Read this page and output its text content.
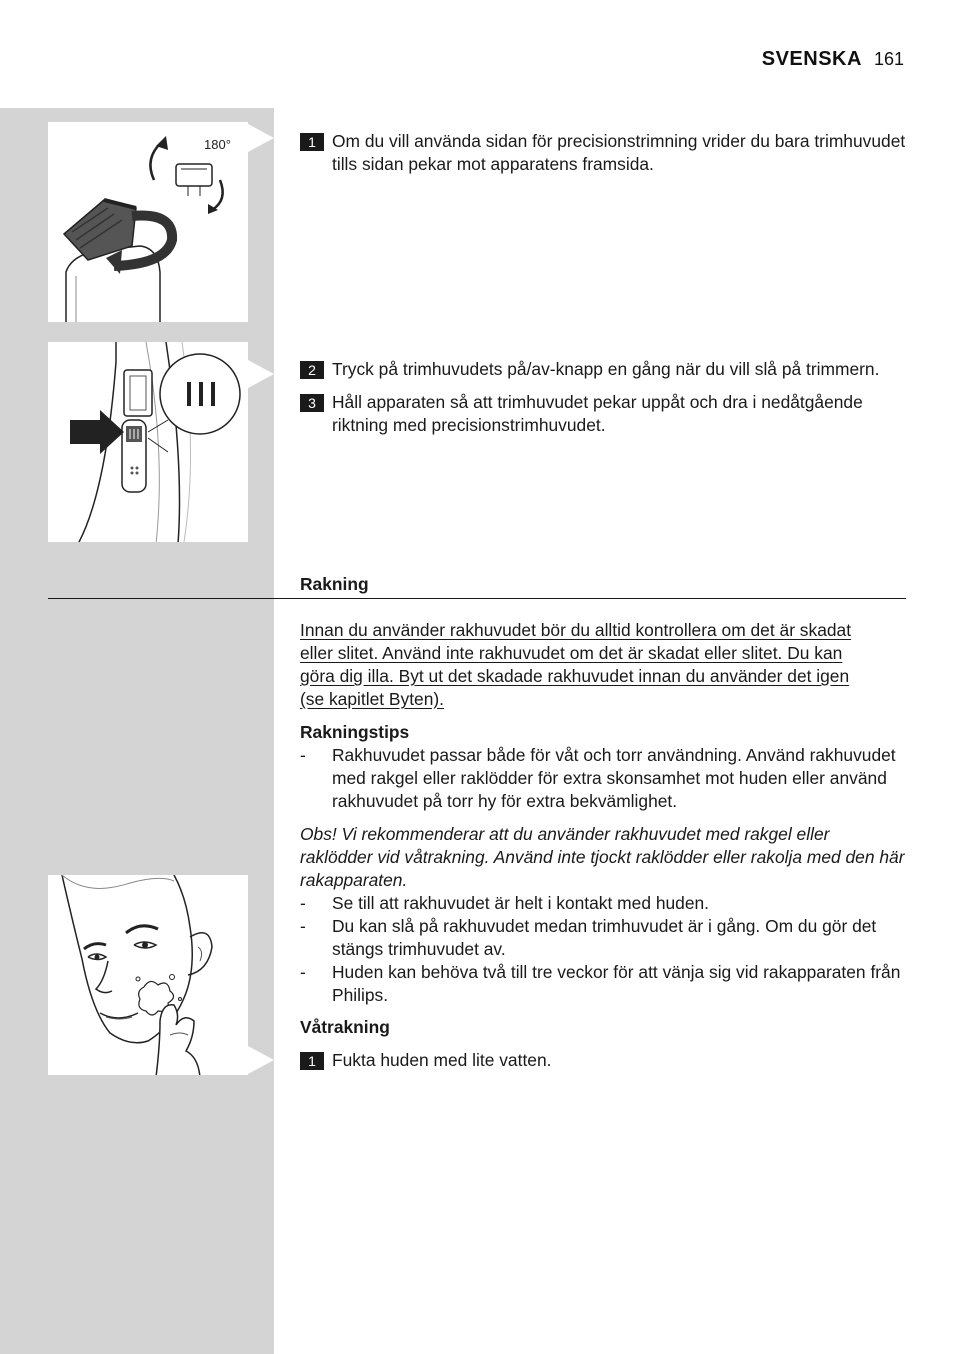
SVENSKA 161
180°	1 Om du vill använda sidan för precisionstrimning vrider du bara trimhuvudet tills sidan pekar mot apparatens framsida.
2 Tryck på trimhuvudets på/av-knapp en gång när du vill slå på trimmern.
3 Håll apparaten så att trimhuvudet pekar uppåt och dra i nedåtgående riktning med precisionstrimhuvudet.
Rakning
Innan du använder rakhuvudet bör du alltid kontrollera om det är skadat
eller slitet. Använd inte rakhuvudet om det är skadat eller slitet. Du kan
göra dig illa. Byt ut det skadade rakhuvudet innan du använder det igen
(se kapitlet Byten).
Rakningstips
-	Rakhuvudet passar både för våt och torr användning. Använd rakhuvudet med rakgel eller raklödder för extra skonsamhet mot huden eller använd rakhuvudet på torr hy för extra bekvämlighet.
Obs! Vi rekommenderar att du använder rakhuvudet med rakgel eller raklödder vid våtrakning. Använd inte tjockt raklödder eller rakolja med den här rakapparaten.
-	Se till att rakhuvudet är helt i kontakt med huden.
-	Du kan slå på rakhuvudet medan trimhuvudet är i gång. Om du gör det stängs trimhuvudet av.
-	Huden kan behöva två till tre veckor för att vänja sig vid rakapparaten från Philips.
Våtrakning
1 Fukta huden med lite vatten.
